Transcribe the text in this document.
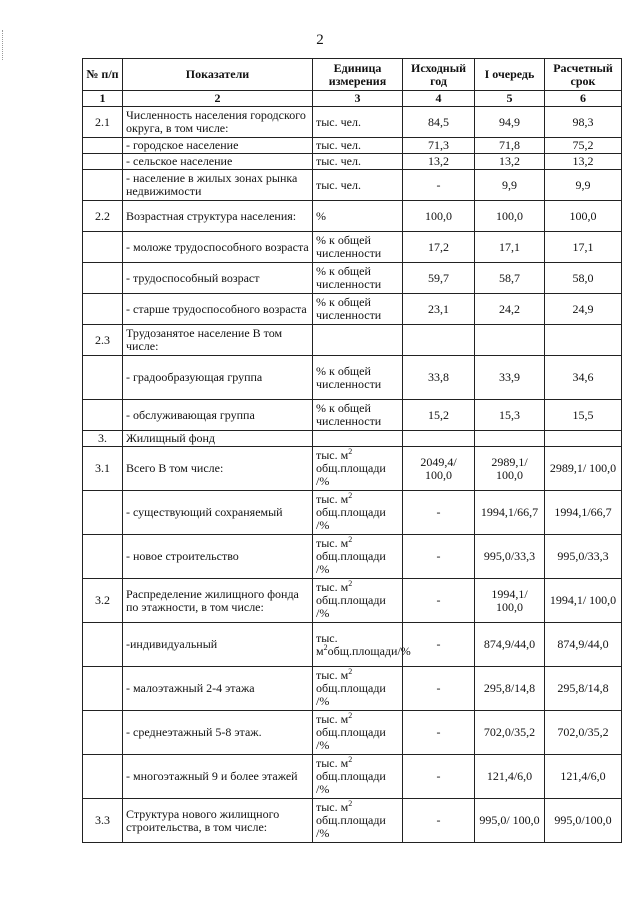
2
№ п/п	Показатели	Единица измерения	Исходный год	I очередь	Расчетный срок
1	2	3	4	5	6
2.1	Численность населения городского округа, в том числе:	тыс. чел.	84,5	94,9	98,3
	- городское население	тыс. чел.	71,3	71,8	75,2
	- сельское население	тыс. чел.	13,2	13,2	13,2
	- население в жилых зонах рынка недвижимости	тыс. чел.	-	9,9	9,9
2.2	Возрастная структура населения:	%	100,0	100,0	100,0
	- моложе трудоспособного возраста	% к общей численности	17,2	17,1	17,1
	- трудоспособный возраст	% к общей численности	59,7	58,7	58,0
	- старше трудоспособного возраста	% к общей численности	23,1	24,2	24,9
2.3	Трудозанятое население В том числе:				
	- градообразующая группа	% к общей численности	33,8	33,9	34,6
	- обслуживающая группа	% к общей численности	15,2	15,3	15,5
3.	Жилищный фонд				
3.1	Всего В том числе:	тыс. $м^2$ общ.площади /%	2049,4/ 100,0	2989,1/ 100,0	2989,1/ 100,0
	- существующий сохраняемый	тыс. $м^2$ общ.площади /%	-	1994,1/66,7	1994,1/66,7
	- новое строительство	тыс. $м^2$ общ.площади /%	-	995,0/33,3	995,0/33,3
3.2	Распределение жилищного фонда по этажности, в том числе:	тыс. $м^2$ общ.площади /%	-	1994,1/ 100,0	1994,1/ 100,0
	-индивидуальный	тыс. $м^2общ.площади/\%$	-	874,9/44,0	874,9/44,0
	- малоэтажный 2-4 этажа	тыс. $м^2$ общ.площади /%	-	295,8/14,8	295,8/14,8
	- среднеэтажный 5-8 этаж.	тыс. $м^2$ общ.площади /%	-	702,0/35,2	702,0/35,2
	- многоэтажный 9 и более этажей	тыс. $м^2$ общ.площади /%	-	121,4/6,0	121,4/6,0
3.3	Структура нового жилищного строительства, в том числе:	тыс. $м^2$ общ.площади /%	-	995,0/ 100,0	995,0/100,0
